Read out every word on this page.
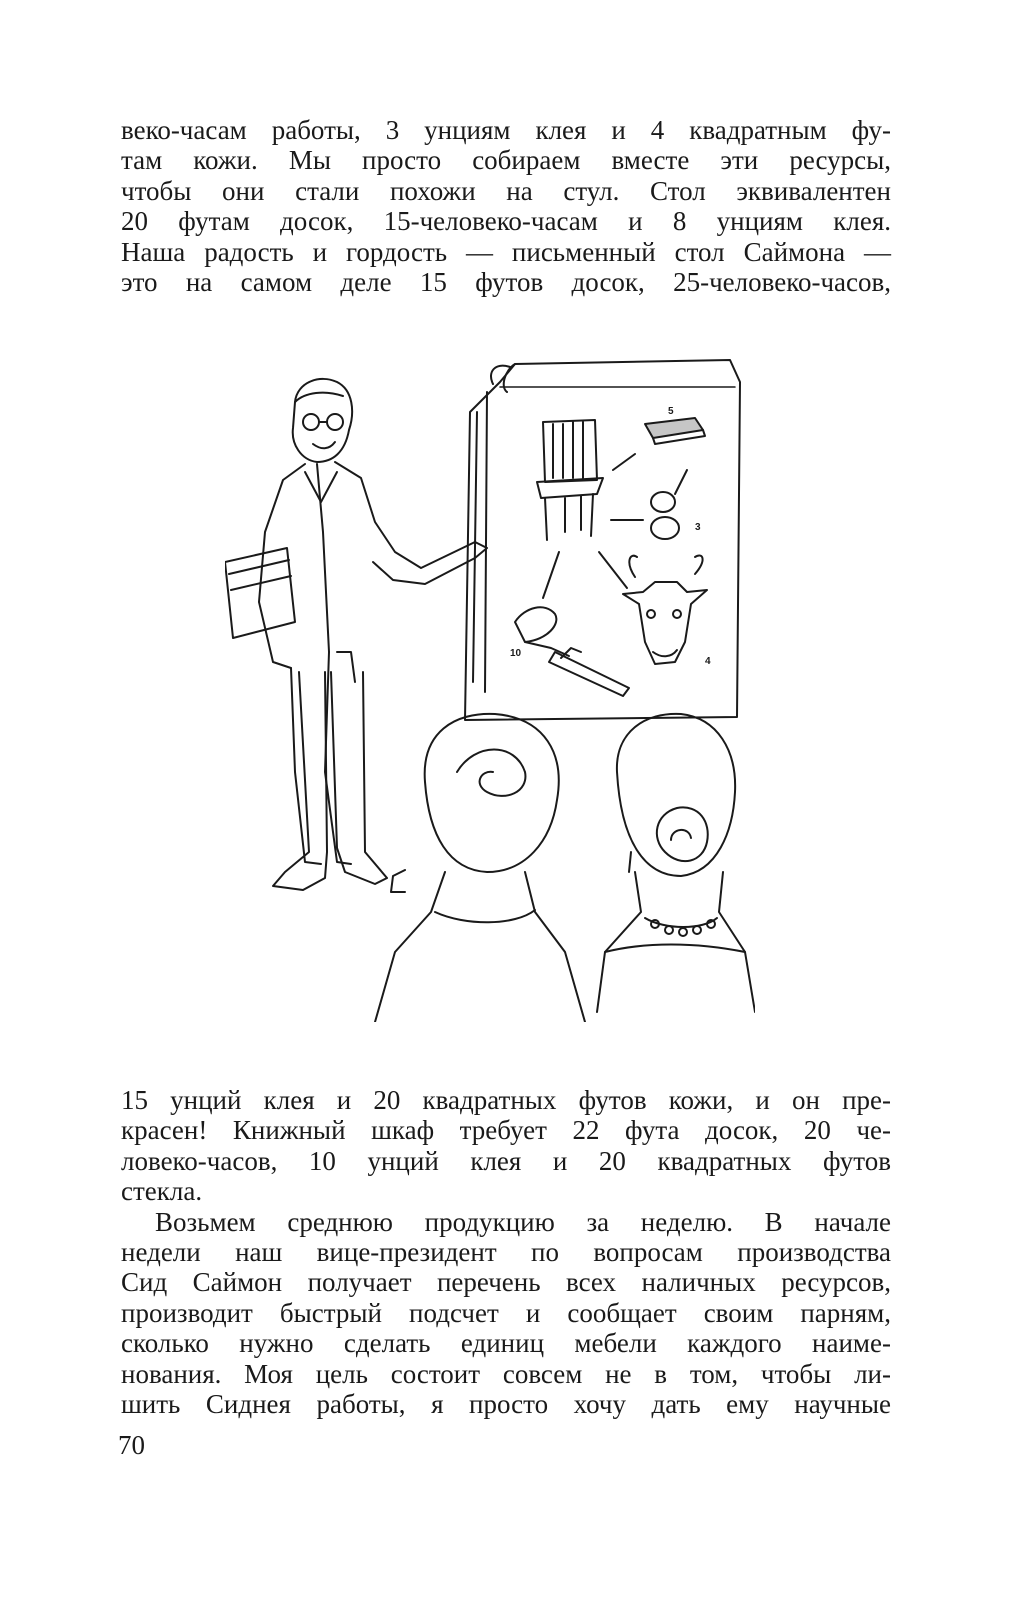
веко-часам работы, 3 унциям клея и 4 квадратным фу-
там кожи. Мы просто собираем вместе эти ресурсы,
чтобы они стали похожи на стул. Стол эквивалентен
20 футам досок, 15-человеко-часам и 8 унциям клея.
Наша радость и гордость — письменный стол Саймона —
это на самом деле 15 футов досок, 25-человеко-часов,
5
3
4
10
15 унций клея и 20 квадратных футов кожи, и он пре-
красен! Книжный шкаф требует 22 фута досок, 20 че-
ловеко-часов, 10 унций клея и 20 квадратных футов
стекла.
Возьмем среднюю продукцию за неделю. В начале
недели наш вице-президент по вопросам производства
Сид Саймон получает перечень всех наличных ресурсов,
производит быстрый подсчет и сообщает своим парням,
сколько нужно сделать единиц мебели каждого наиме-
нования. Моя цель состоит совсем не в том, чтобы ли-
шить Сиднея работы, я просто хочу дать ему научные
70
